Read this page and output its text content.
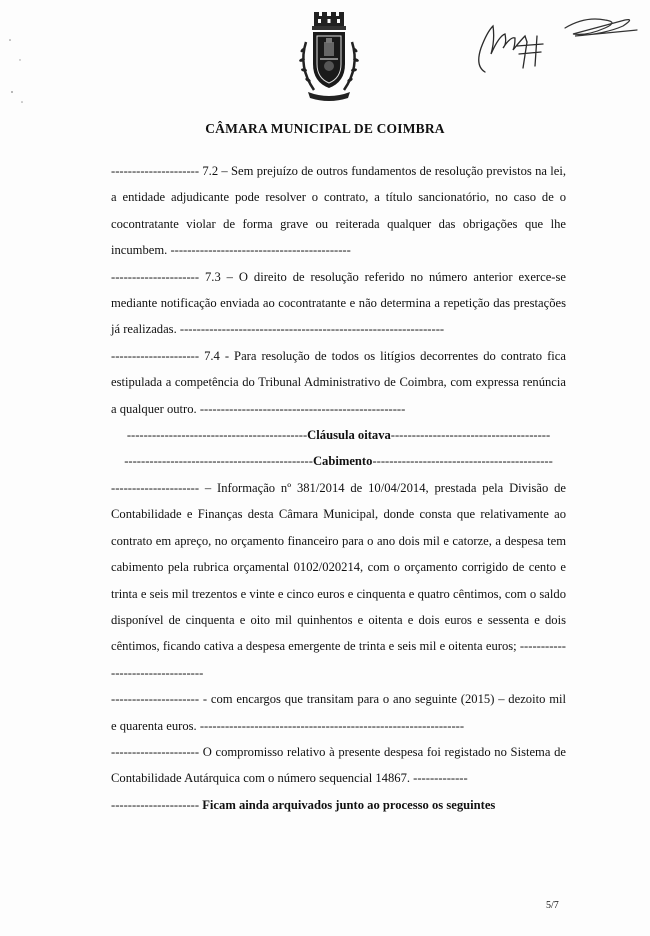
CÂMARA MUNICIPAL DE COIMBRA

--------------------- 7.2 – Sem prejuízo de outros fundamentos de resolução previstos na lei, a entidade adjudicante pode resolver o contrato, a título sancionatório, no caso de o cocontratante violar de forma grave ou reiterada qualquer das obrigações que lhe incumbem. -------------------------------------------

--------------------- 7.3 – O direito de resolução referido no número anterior exerce-se mediante notificação enviada ao cocontratante e não determina a repetição das prestações já realizadas. ---------------------------------------------------------------

--------------------- 7.4 - Para resolução de todos os litígios decorrentes do contrato fica estipulada a competência do Tribunal Administrativo de Coimbra, com expressa renúncia a qualquer outro. -------------------------------------------------

-------------------------------------------Cláusula oitava--------------------------------------

---------------------------------------------Cabimento-------------------------------------------

--------------------- – Informação nº 381/2014 de 10/04/2014, prestada pela Divisão de Contabilidade e Finanças desta Câmara Municipal, donde consta que relativamente ao contrato em apreço, no orçamento financeiro para o ano dois mil e catorze, a despesa tem cabimento pela rubrica orçamental 0102/020214, com o orçamento corrigido de cento e trinta e seis mil trezentos e vinte e cinco euros e cinquenta e quatro cêntimos, com o saldo disponível de cinquenta e oito mil quinhentos e oitenta e dois euros e sessenta e dois cêntimos, ficando cativa a despesa emergente de trinta e seis mil e oitenta euros; ---------------------------------

--------------------- - com encargos que transitam para o ano seguinte (2015) – dezoito mil e quarenta euros. ---------------------------------------------------------------

--------------------- O compromisso relativo à presente despesa foi registado no Sistema de Contabilidade Autárquica com o número sequencial 14867. -------------

--------------------- Ficam ainda arquivados junto ao processo os seguintes

5/7
